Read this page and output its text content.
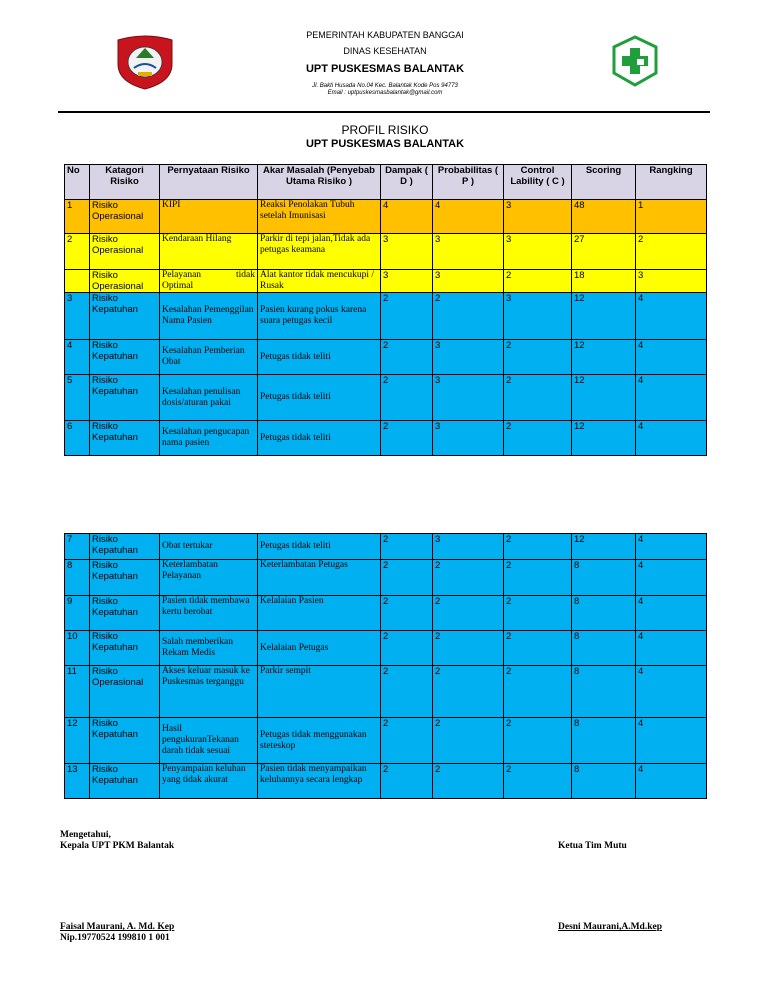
PEMERINTAH KABUPATEN BANGGAI
DINAS KESEHATAN
UPT PUSKESMAS BALANTAK
Jl. Bakti Husada No.04 Kec. Balantak Kode Pos 94773
Email : uptpuskesmasbalantak@gmail.com
PROFIL RISIKO
UPT PUSKESMAS BALANTAK
No	Katagori Risiko	Pernyataan Risiko	Akar Masalah (Penyebab Utama Risiko )	Dampak ( D )	Probabilitas ( P )	Control Lability ( C )	Scoring	Rangking
1	Risiko Operasional	KIPI	Reaksi Penolakan Tubuh setelah Imunisasi	4	4	3	48	1
2	Risiko Operasional	Kendaraan Hilang	Parkir di tepi jalan,Tidak ada petugas keamana	3	3	3	27	2
	Risiko Operasional	Pelayanan tidak Optimal	Alat kantor tidak mencukupi / Rusak	3	3	2	18	3
3	Risiko Kepatuhan	Kesalahan Pemenggilan Nama Pasien	Pasien kurang pokus karena suara petugas kecil	2	2	3	12	4
4	Risiko Kepatuhan	Kesalahan Pemberian Obat	Petugas tidak teliti	2	3	2	12	4
5	Risiko Kepatuhan	Kesalahan penulisan dosis/aturan pakai	Petugas tidak teliti	2	3	2	12	4
6	Risiko Kepatuhan	Kesalahan pengucapan nama pasien	Petugas tidak teliti	2	3	2	12	4
7	Risiko Kepatuhan	Obat tertukar	Petugas tidak teliti	2	3	2	12	4
8	Risiko Kepatuhan	Keterlambatan Pelayanan	Keterlambatan Petugas	2	2	2	8	4
9	Risiko Kepatuhan	Pasien tidak membawa kertu berobat	Kelalaian Pasien	2	2	2	8	4
10	Risiko Kepatuhan	Salah memberikan Rekam Medis	Kelalaian Petugas	2	2	2	8	4
11	Risiko Operasional	Akses keluar masuk ke Puskesmas terganggu	Parkir sempit	2	2	2	8	4
12	Risiko Kepatuhan	Hasil pengukuranTekanan darah tidak sesuai	Petugas tidak menggunakan steteskop	2	2	2	8	4
13	Risiko Kepatuhan	Penyampaian keluhan yang tidak akurat	Pasien tidak menyampaikan keluhannya secara lengkap	2	2	2	8	4
Mengetahui,
Kepala UPT PKM Balantak	Ketua Tim Mutu
Faisal Maurani, A. Md. Kep
Nip.19770524 199810 1 001
Desni Maurani,A.Md.kep
